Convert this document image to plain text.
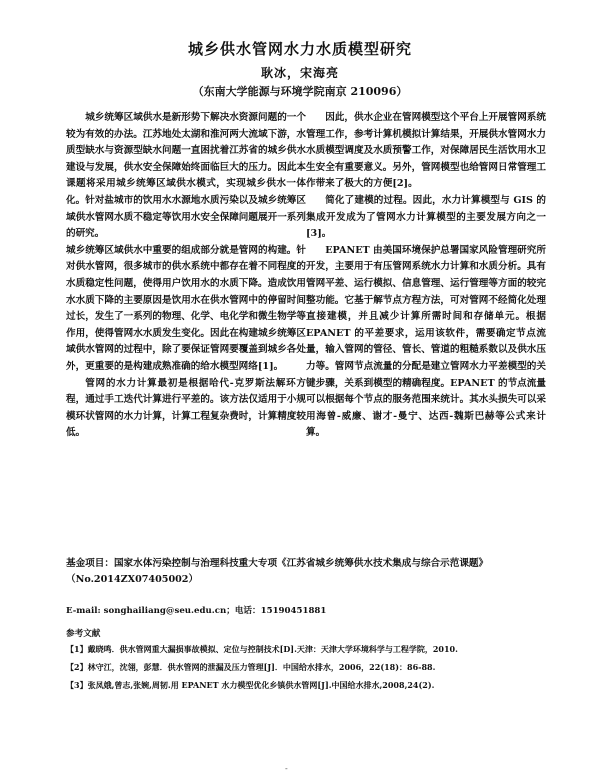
城乡供水管网水力水质模型研究
耿冰，宋海亮
（东南大学能源与环境学院南京 210096）

城乡统筹区域供水是新形势下解决水资源问题的一个较为有效的办法。江苏地处太湖和淮河两大流域下游，水质型缺水与资源型缺水问题一直困扰着江苏省的城乡供水建设与发展，供水安全保障始终面临巨大的压力。因此本课题将采用城乡统筹区域供水模式，实现城乡供水一体化。针对盐城市的饮用水水源地水质污染以及城乡统筹区域供水管网水质不稳定等饮用水安全保障问题展开一系列的研究。

城乡统筹区域供水中重要的组成部分就是管网的构建。针对供水管网，很多城市的供水系统中都存在着不同程度的水质稳定性问题，使得用户饮用水的水质下降。造成饮用水水质下降的主要原因是饮用水在供水管网中的停留时间过长，发生了一系列的物理、化学、电化学和微生物学等作用，使得管网水水质发生变化。因此在构建城乡统筹区域供水管网的过程中，除了要保证管网要覆盖到城乡各处外，更重要的是构建成熟准确的给水模型网络[1]。

管网的水力计算最初是根据哈代-克罗斯法解环方程，通过手工迭代计算进行平差的。该方法仅适用于小规模环状管网的水力计算，计算工程复杂费时，计算精度较低。

因此，供水企业在管网模型这个平台上开展管网系统管理工作，参考计算机模拟计算结果，开展供水管网水力水质模型调度及水质预警工作，对保障居民生活饮用水卫生安全有重要意义。另外，管网模型也给管网日常管理工作带来了极大的方便[2]。

简化了建模的过程。因此，水力计算模型与 GIS 的集成开发成为了管网水力计算模型的主要发展方向之一[3]。

EPANET 由美国环境保护总署国家风险管理研究所开发，主要用于有压管网系统水力计算和水质分析。具有管网平差、运行模拟、信息管理、运行管理等方面的较完整功能。它基于解节点方程方法，可对管网不经简化处理直接建模，并且减少计算所需时间和存储单元。根据 EPANET 的平差要求，运用该软件，需要确定节点流量，输入管网的管径、管长、管道的粗糙系数以及供水压力等。管网节点流量的分配是建立管网水力平差模型的关键步骤，关系到模型的精确程度。EPANET 的节点流量可以根据每个节点的服务范围来统计。其水头损失可以采用海曾-威廉、谢才-曼宁、达西-魏斯巴赫等公式来计算。

基金项目：国家水体污染控制与治理科技重大专项《江苏省城乡统筹供水技术集成与综合示范课题》（No.2014ZX07405002）
E-mail: songhailiang@seu.edu.cn；电话：15190451881
参考文献
【1】戴晓鸣．供水管网重大漏损事故模拟、定位与控制技术[D].天津：天津大学环境科学与工程学院，2010.
【2】林守江，沈翎，彭慧．供水管网的泄漏及压力管理[J]．中国给水排水，2006，22(18)：86-88.
【3】张凤娥,曾志,张婉,周韧.用 EPANET 水力模型优化乡镇供水管网[J].中国给水排水,2008,24(2).
‐
